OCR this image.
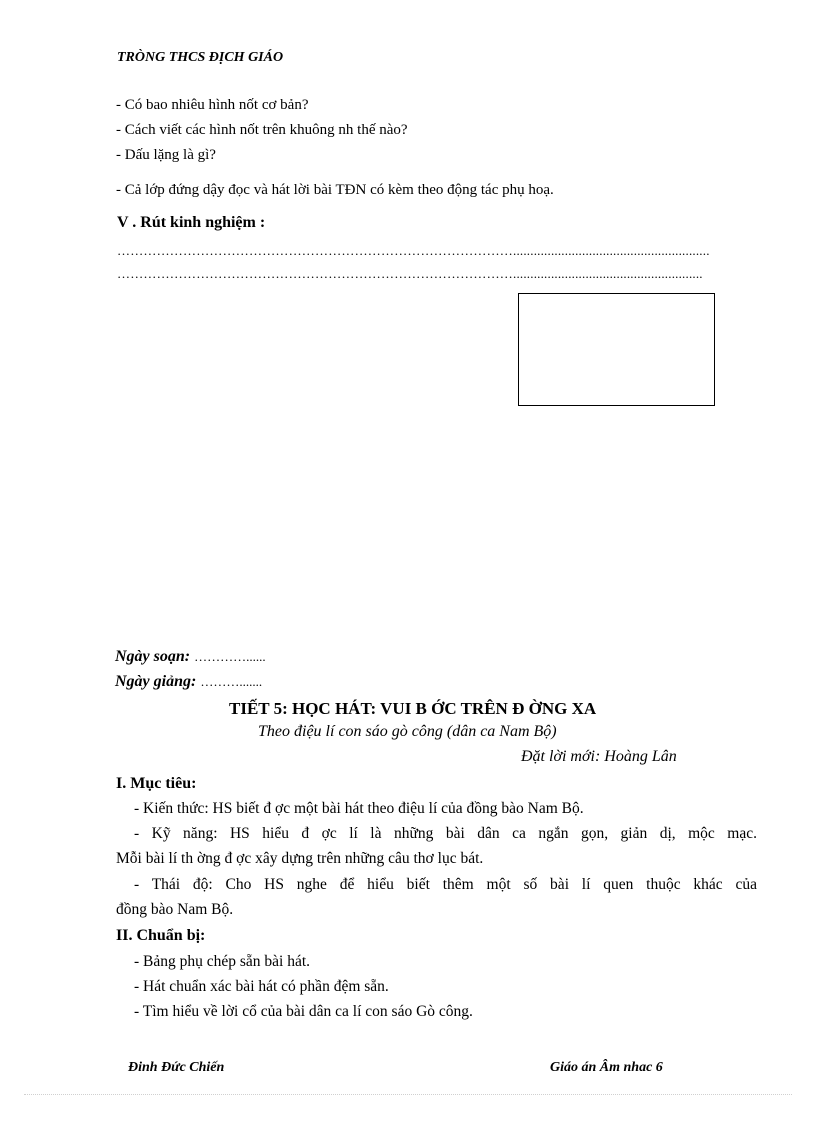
TRÒNG THCS ĐỊCH GIÁO
- Có bao nhiêu hình nốt cơ bản?
- Cách viết các hình nốt trên khuông nh thế nào?
- Dấu lặng là gì?
- Cả lớp đứng dậy đọc và hát lời bài TĐN có kèm theo động tác phụ hoạ.
V . Rút kinh nghiệm :
……………………………………………………………………………….........................................................
……………………………………………………………………………….......................................................
Ngày soạn: …………......
Ngày giảng: ……….......
TIẾT 5: HỌC HÁT: VUI B ỚC TRÊN Đ ỜNG XA
Theo điệu lí con sáo gò công (dân ca Nam Bộ)
Đặt lời mới: Hoàng Lân
I. Mục tiêu:
- Kiến thức: HS biết đ ợc một bài hát theo điệu lí của đồng bào Nam Bộ.
- Kỹ năng: HS hiểu đ ợc lí là những bài dân ca ngắn gọn, giản dị, mộc mạc.
Mỗi bài lí th ờng đ ợc xây dựng trên những câu thơ lục bát.
- Thái độ: Cho HS nghe để hiểu biết thêm một số bài lí quen thuộc khác của
đồng bào Nam Bộ.
II. Chuẩn bị:
- Bảng phụ chép sẵn bài hát.
- Hát chuẩn xác bài hát có phần đệm sẵn.
- Tìm hiểu về lời cổ của bài dân ca lí con sáo Gò công.
Đinh Đức Chiến	Giáo án Âm nhac 6
